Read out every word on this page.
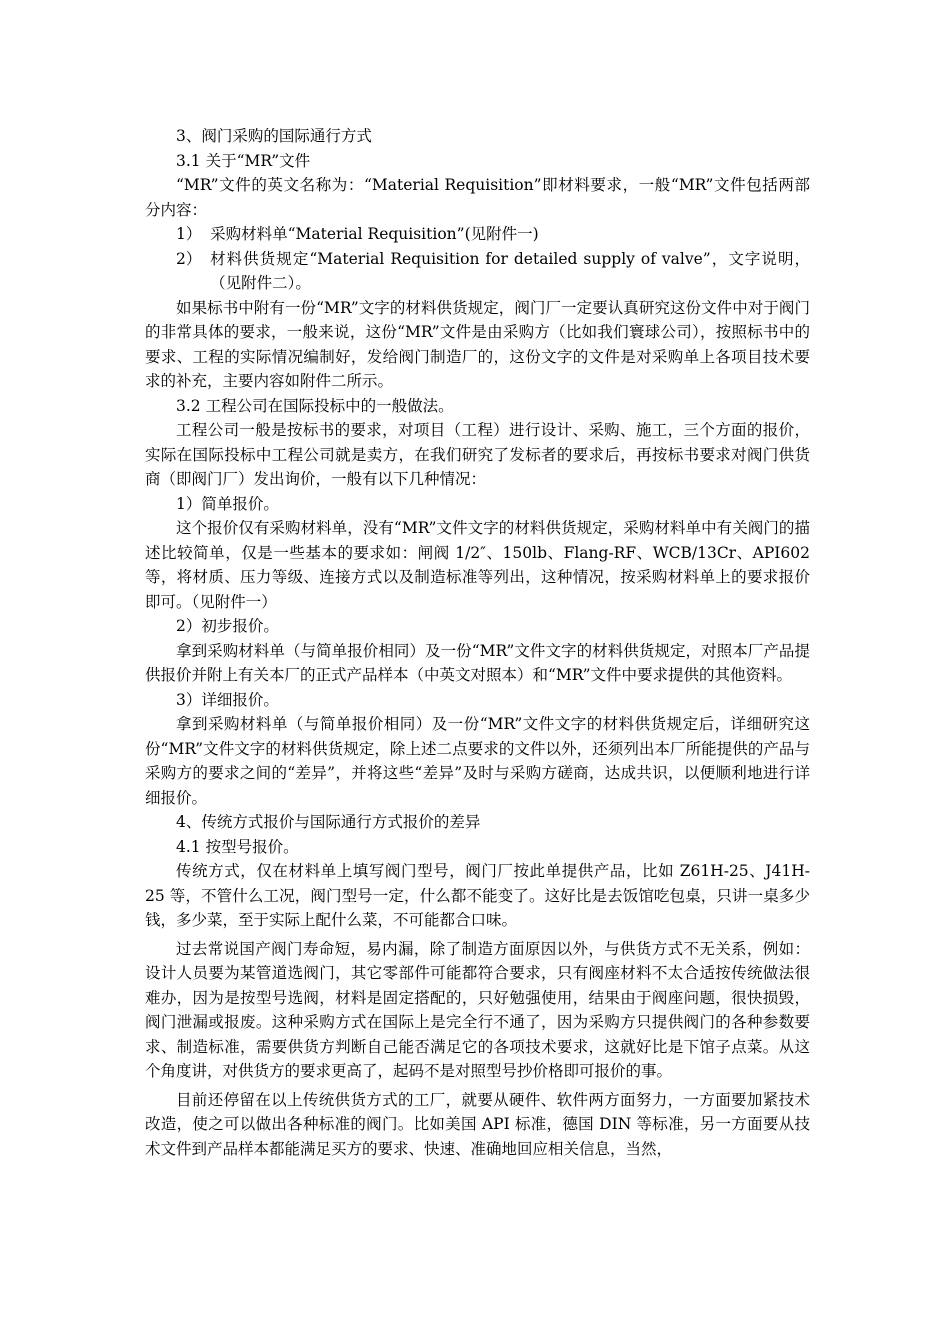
3、阀门采购的国际通行方式

3.1 关于“MR”文件

“MR”文件的英文名称为：“Material Requisition”即材料要求，一般“MR”文件包括两部分内容：

1） 采购材料单“Material Requisition”(见附件一)
2） 材料供货规定“Material Requisition for detailed supply of valve”，文字说明，（见附件二）。

如果标书中附有一份“MR”文字的材料供货规定，阀门厂一定要认真研究这份文件中对于阀门的非常具体的要求，一般来说，这份“MR”文件是由采购方（比如我们寰球公司），按照标书中的要求、工程的实际情况编制好，发给阀门制造厂的，这份文字的文件是对采购单上各项目技术要求的补充，主要内容如附件二所示。

3.2 工程公司在国际投标中的一般做法。

工程公司一般是按标书的要求，对项目（工程）进行设计、采购、施工，三个方面的报价，实际在国际投标中工程公司就是卖方，在我们研究了发标者的要求后，再按标书要求对阀门供货商（即阀门厂）发出询价，一般有以下几种情况：

1）简单报价。

这个报价仅有采购材料单，没有“MR”文件文字的材料供货规定，采购材料单中有关阀门的描述比较简单，仅是一些基本的要求如：闸阀 1/2″、150lb、Flang-RF、WCB/13Cr、API602 等，将材质、压力等级、连接方式以及制造标准等列出，这种情况，按采购材料单上的要求报价即可。（见附件一）

2）初步报价。

拿到采购材料单（与简单报价相同）及一份“MR”文件文字的材料供货规定，对照本厂产品提供报价并附上有关本厂的正式产品样本（中英文对照本）和“MR”文件中要求提供的其他资料。

3）详细报价。

拿到采购材料单（与简单报价相同）及一份“MR”文件文字的材料供货规定后，详细研究这份“MR”文件文字的材料供货规定，除上述二点要求的文件以外，还须列出本厂所能提供的产品与采购方的要求之间的“差异”，并将这些“差异”及时与采购方磋商，达成共识，以便顺利地进行详细报价。

4、传统方式报价与国际通行方式报价的差异

4.1 按型号报价。

传统方式，仅在材料单上填写阀门型号，阀门厂按此单提供产品，比如 Z61H-25、J41H-25 等，不管什么工况，阀门型号一定，什么都不能变了。这好比是去饭馆吃包桌，只讲一桌多少钱，多少菜，至于实际上配什么菜，不可能都合口味。

过去常说国产阀门寿命短，易内漏，除了制造方面原因以外，与供货方式不无关系，例如：设计人员要为某管道选阀门，其它零部件可能都符合要求，只有阀座材料不太合适按传统做法很难办，因为是按型号选阀，材料是固定搭配的，只好勉强使用，结果由于阀座问题，很快损毁，阀门泄漏或报废。这种采购方式在国际上是完全行不通了，因为采购方只提供阀门的各种参数要求、制造标准，需要供货方判断自己能否满足它的各项技术要求，这就好比是下馆子点菜。从这个角度讲，对供货方的要求更高了，起码不是对照型号抄价格即可报价的事。

目前还停留在以上传统供货方式的工厂，就要从硬件、软件两方面努力，一方面要加紧技术改造，使之可以做出各种标准的阀门。比如美国 API 标准，德国 DIN 等标准，另一方面要从技术文件到产品样本都能满足买方的要求、快速、准确地回应相关信息，当然，
